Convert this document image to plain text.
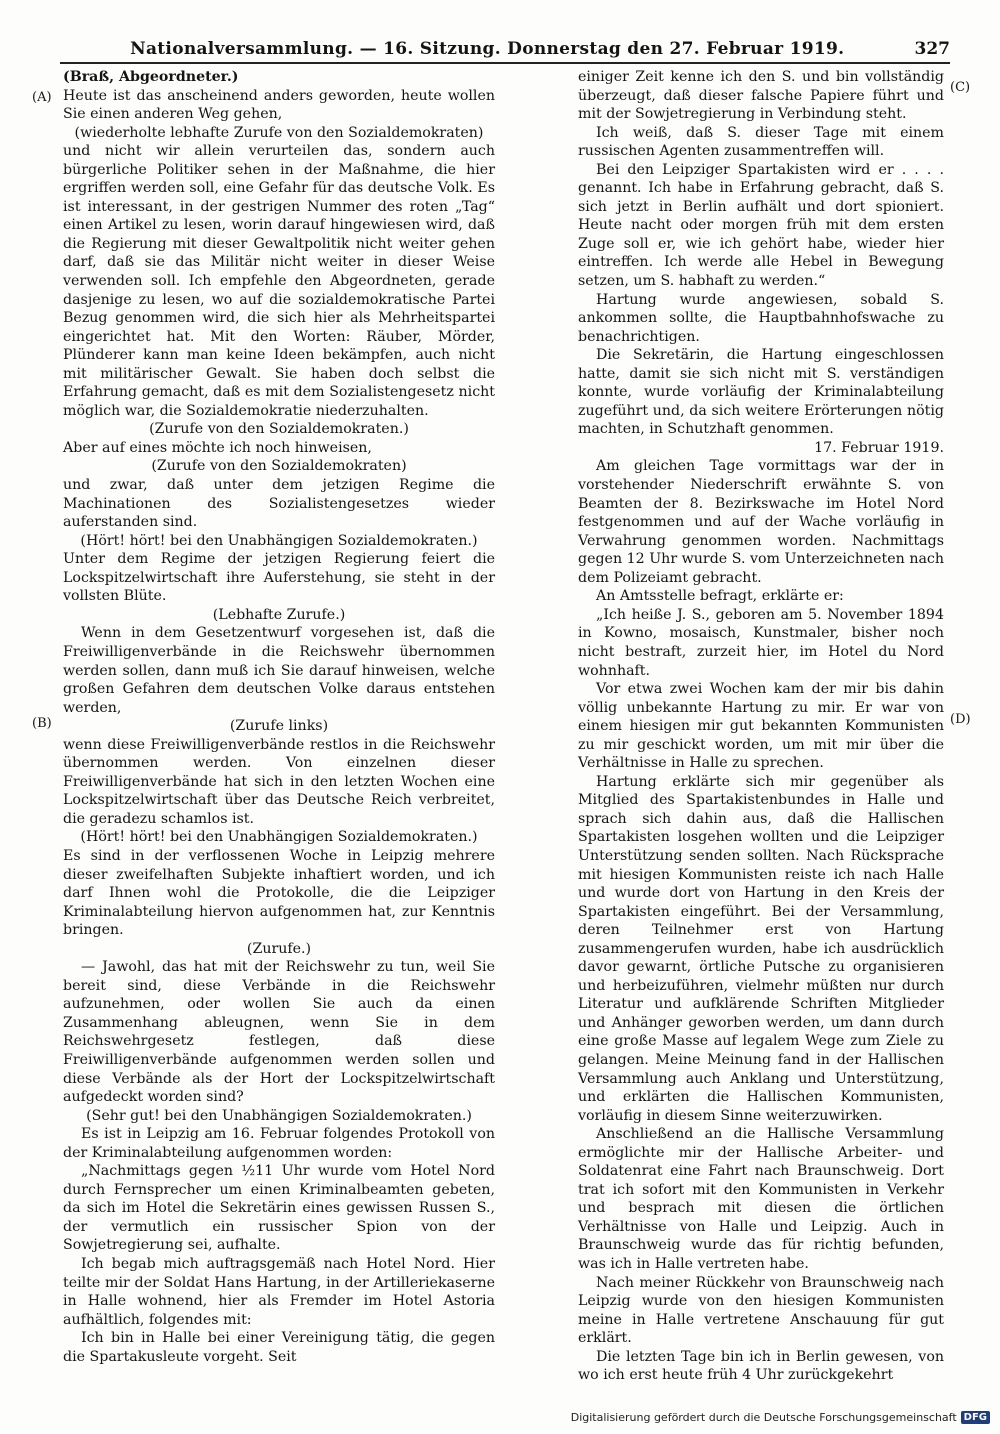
Nationalversammlung. — 16. Sitzung. Donnerstag den 27. Februar 1919.	327
(A)
(B)
(C)
(D)

(Braß, Abgeordneter.)

Heute ist das anscheinend anders geworden, heute wollen Sie einen anderen Weg gehen,

(wiederholte lebhafte Zurufe von den Sozialdemokraten)

und nicht wir allein verurteilen das, sondern auch bürgerliche Politiker sehen in der Maßnahme, die hier ergriffen werden soll, eine Gefahr für das deutsche Volk. Es ist interessant, in der gestrigen Nummer des roten „Tag“ einen Artikel zu lesen, worin darauf hingewiesen wird, daß die Regierung mit dieser Gewaltpolitik nicht weiter gehen darf, daß sie das Militär nicht weiter in dieser Weise verwenden soll. Ich empfehle den Abgeordneten, gerade dasjenige zu lesen, wo auf die sozialdemokratische Partei Bezug genommen wird, die sich hier als Mehrheitspartei eingerichtet hat. Mit den Worten: Räuber, Mörder, Plünderer kann man keine Ideen bekämpfen, auch nicht mit militärischer Gewalt. Sie haben doch selbst die Erfahrung gemacht, daß es mit dem Sozialistengesetz nicht möglich war, die Sozialdemokratie niederzuhalten.

(Zurufe von den Sozialdemokraten.)

Aber auf eines möchte ich noch hinweisen,

(Zurufe von den Sozialdemokraten)

und zwar, daß unter dem jetzigen Regime die Machinationen des Sozialistengesetzes wieder auferstanden sind.

(Hört! hört! bei den Unabhängigen Sozialdemokraten.)

Unter dem Regime der jetzigen Regierung feiert die Lockspitzelwirtschaft ihre Auferstehung, sie steht in der vollsten Blüte.

(Lebhafte Zurufe.)

Wenn in dem Gesetzentwurf vorgesehen ist, daß die Freiwilligenverbände in die Reichswehr übernommen werden sollen, dann muß ich Sie darauf hinweisen, welche großen Gefahren dem deutschen Volke daraus entstehen werden,

(Zurufe links)

wenn diese Freiwilligenverbände restlos in die Reichswehr übernommen werden. Von einzelnen dieser Freiwilligenverbände hat sich in den letzten Wochen eine Lockspitzelwirtschaft über das Deutsche Reich verbreitet, die geradezu schamlos ist.

(Hört! hört! bei den Unabhängigen Sozialdemokraten.)

Es sind in der verflossenen Woche in Leipzig mehrere dieser zweifelhaften Subjekte inhaftiert worden, und ich darf Ihnen wohl die Protokolle, die die Leipziger Kriminalabteilung hiervon aufgenommen hat, zur Kenntnis bringen.

(Zurufe.)

— Jawohl, das hat mit der Reichswehr zu tun, weil Sie bereit sind, diese Verbände in die Reichswehr aufzunehmen, oder wollen Sie auch da einen Zusammenhang ableugnen, wenn Sie in dem Reichswehrgesetz festlegen, daß diese Freiwilligenverbände aufgenommen werden sollen und diese Verbände als der Hort der Lockspitzelwirtschaft aufgedeckt worden sind?

(Sehr gut! bei den Unabhängigen Sozialdemokraten.)

Es ist in Leipzig am 16. Februar folgendes Protokoll von der Kriminalabteilung aufgenommen worden:

„Nachmittags gegen ½11 Uhr wurde vom Hotel Nord durch Fernsprecher um einen Kriminalbeamten gebeten, da sich im Hotel die Sekretärin eines gewissen Russen S., der vermutlich ein russischer Spion von der Sowjetregierung sei, aufhalte.

Ich begab mich auftragsgemäß nach Hotel Nord. Hier teilte mir der Soldat Hans Hartung, in der Artilleriekaserne in Halle wohnend, hier als Fremder im Hotel Astoria aufhältlich, folgendes mit:

Ich bin in Halle bei einer Vereinigung tätig, die gegen die Spartakusleute vorgeht. Seit

einiger Zeit kenne ich den S. und bin vollständig überzeugt, daß dieser falsche Papiere führt und mit der Sowjetregierung in Verbindung steht.

Ich weiß, daß S. dieser Tage mit einem russischen Agenten zusammentreffen will.

Bei den Leipziger Spartakisten wird er . . . . genannt. Ich habe in Erfahrung gebracht, daß S. sich jetzt in Berlin aufhält und dort spioniert. Heute nacht oder morgen früh mit dem ersten Zuge soll er, wie ich gehört habe, wieder hier eintreffen. Ich werde alle Hebel in Bewegung setzen, um S. habhaft zu werden.“

Hartung wurde angewiesen, sobald S. ankommen sollte, die Hauptbahnhofswache zu benachrichtigen.

Die Sekretärin, die Hartung eingeschlossen hatte, damit sie sich nicht mit S. verständigen konnte, wurde vorläufig der Kriminalabteilung zugeführt und, da sich weitere Erörterungen nötig machten, in Schutzhaft genommen.

17. Februar 1919.

Am gleichen Tage vormittags war der in vorstehender Niederschrift erwähnte S. von Beamten der 8. Bezirkswache im Hotel Nord festgenommen und auf der Wache vorläufig in Verwahrung genommen worden. Nachmittags gegen 12 Uhr wurde S. vom Unterzeichneten nach dem Polizeiamt gebracht.

An Amtsstelle befragt, erklärte er:

„Ich heiße J. S., geboren am 5. November 1894 in Kowno, mosaisch, Kunstmaler, bisher noch nicht bestraft, zurzeit hier, im Hotel du Nord wohnhaft.

Vor etwa zwei Wochen kam der mir bis dahin völlig unbekannte Hartung zu mir. Er war von einem hiesigen mir gut bekannten Kommunisten zu mir geschickt worden, um mit mir über die Verhältnisse in Halle zu sprechen.

Hartung erklärte sich mir gegenüber als Mitglied des Spartakistenbundes in Halle und sprach sich dahin aus, daß die Hallischen Spartakisten losgehen wollten und die Leipziger Unterstützung senden sollten. Nach Rücksprache mit hiesigen Kommunisten reiste ich nach Halle und wurde dort von Hartung in den Kreis der Spartakisten eingeführt. Bei der Versammlung, deren Teilnehmer erst von Hartung zusammengerufen wurden, habe ich ausdrücklich davor gewarnt, örtliche Putsche zu organisieren und herbeizuführen, vielmehr müßten nur durch Literatur und aufklärende Schriften Mitglieder und Anhänger geworben werden, um dann durch eine große Masse auf legalem Wege zum Ziele zu gelangen. Meine Meinung fand in der Hallischen Versammlung auch Anklang und Unterstützung, und erklärten die Hallischen Kommunisten, vorläufig in diesem Sinne weiterzuwirken.

Anschließend an die Hallische Versammlung ermöglichte mir der Hallische Arbeiter- und Soldatenrat eine Fahrt nach Braunschweig. Dort trat ich sofort mit den Kommunisten in Verkehr und besprach mit diesen die örtlichen Verhältnisse von Halle und Leipzig. Auch in Braunschweig wurde das für richtig befunden, was ich in Halle vertreten habe.

Nach meiner Rückkehr von Braunschweig nach Leipzig wurde von den hiesigen Kommunisten meine in Halle vertretene Anschauung für gut erklärt.

Die letzten Tage bin ich in Berlin gewesen, von wo ich erst heute früh 4 Uhr zurückgekehrt

Digitalisierung gefördert durch die Deutsche Forschungsgemeinschaft DFG
